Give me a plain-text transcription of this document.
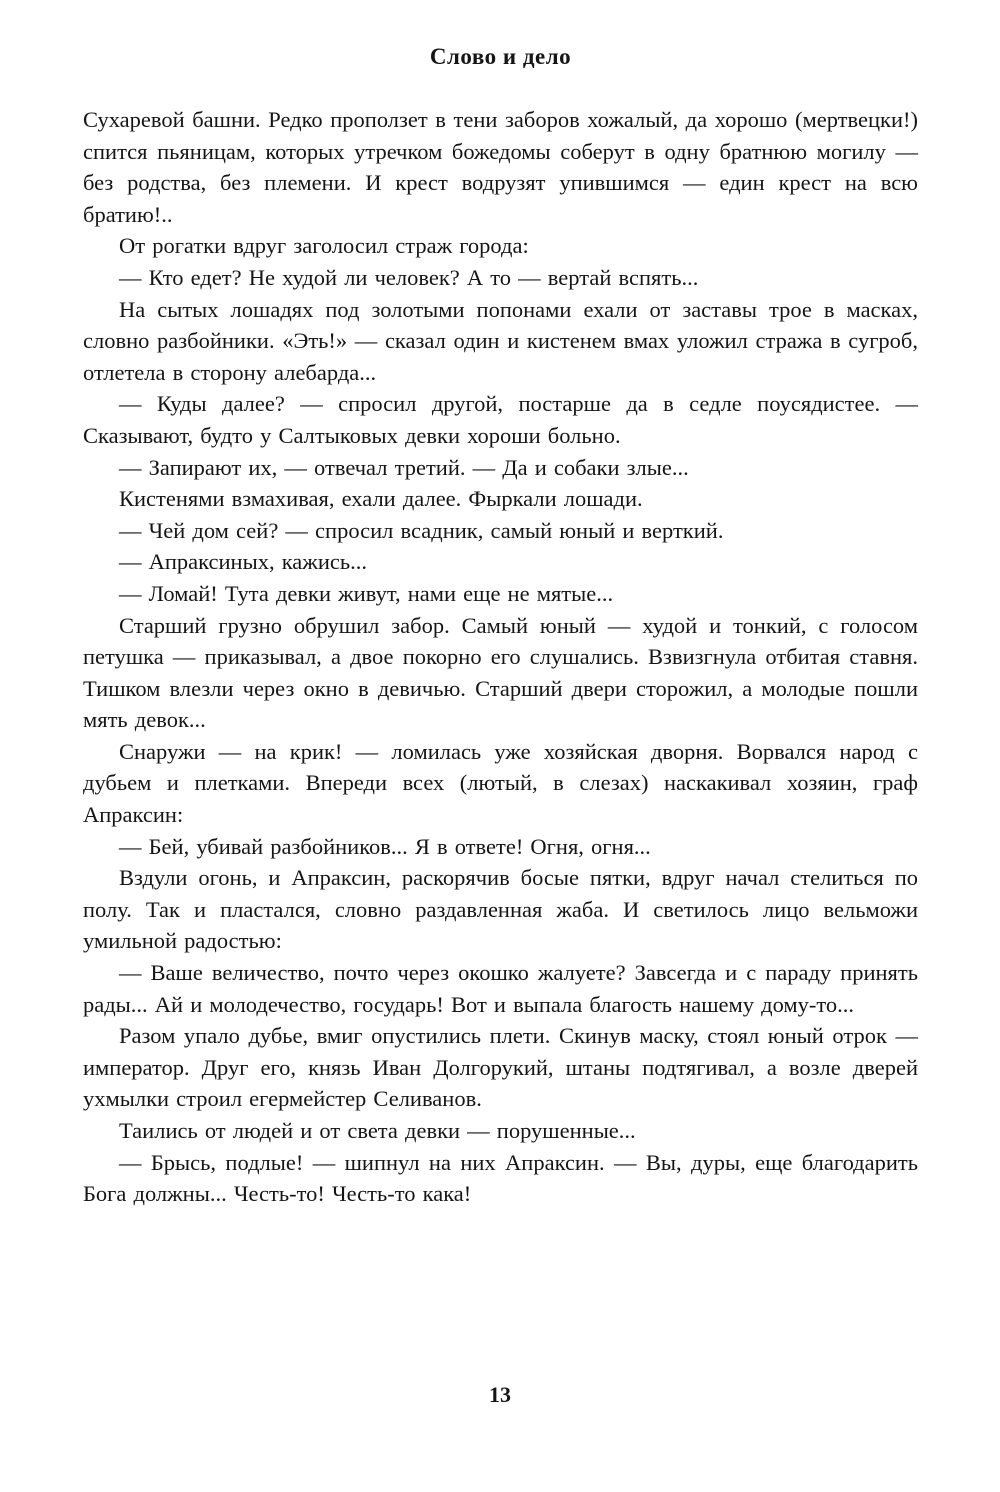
Слово и дело

Сухаревой башни. Редко проползет в тени заборов хожалый, да хорошо (мертвецки!) спится пьяницам, которых утречком божедомы соберут в одну братнюю могилу — без родства, без племени. И крест водрузят упившимся — един крест на всю братию!..

От рогатки вдруг заголосил страж города:

— Кто едет? Не худой ли человек? А то — вертай вспять...

На сытых лошадях под золотыми попонами ехали от заставы трое в масках, словно разбойники. «Эть!» — сказал один и кистенем вмах уложил стража в сугроб, отлетела в сторону алебарда...

— Куды далее? — спросил другой, постарше да в седле поусядистее. — Сказывают, будто у Салтыковых девки хороши больно.

— Запирают их, — отвечал третий. — Да и собаки злые...

Кистенями взмахивая, ехали далее. Фыркали лошади.

— Чей дом сей? — спросил всадник, самый юный и верткий.

— Апраксиных, кажись...

— Ломай! Тута девки живут, нами еще не мятые...

Старший грузно обрушил забор. Самый юный — худой и тонкий, с голосом петушка — приказывал, а двое покорно его слушались. Взвизгнула отбитая ставня. Тишком влезли через окно в девичью. Старший двери сторожил, а молодые пошли мять девок...

Снаружи — на крик! — ломилась уже хозяйская дворня. Ворвался народ с дубьем и плетками. Впереди всех (лютый, в слезах) наскакивал хозяин, граф Апраксин:

— Бей, убивай разбойников... Я в ответе! Огня, огня...

Вздули огонь, и Апраксин, раскорячив босые пятки, вдруг начал стелиться по полу. Так и пластался, словно раздавленная жаба. И светилось лицо вельможи умильной радостью:

— Ваше величество, почто через окошко жалуете? Завсегда и с параду принять рады... Ай и молодечество, государь! Вот и выпала благость нашему дому-то...

Разом упало дубье, вмиг опустились плети. Скинув маску, стоял юный отрок — император. Друг его, князь Иван Долгорукий, штаны подтягивал, а возле дверей ухмылки строил егермейстер Селиванов.

Таились от людей и от света девки — порушенные...

— Брысь, подлые! — шипнул на них Апраксин. — Вы, дуры, еще благодарить Бога должны... Честь-то! Честь-то кака!

13
